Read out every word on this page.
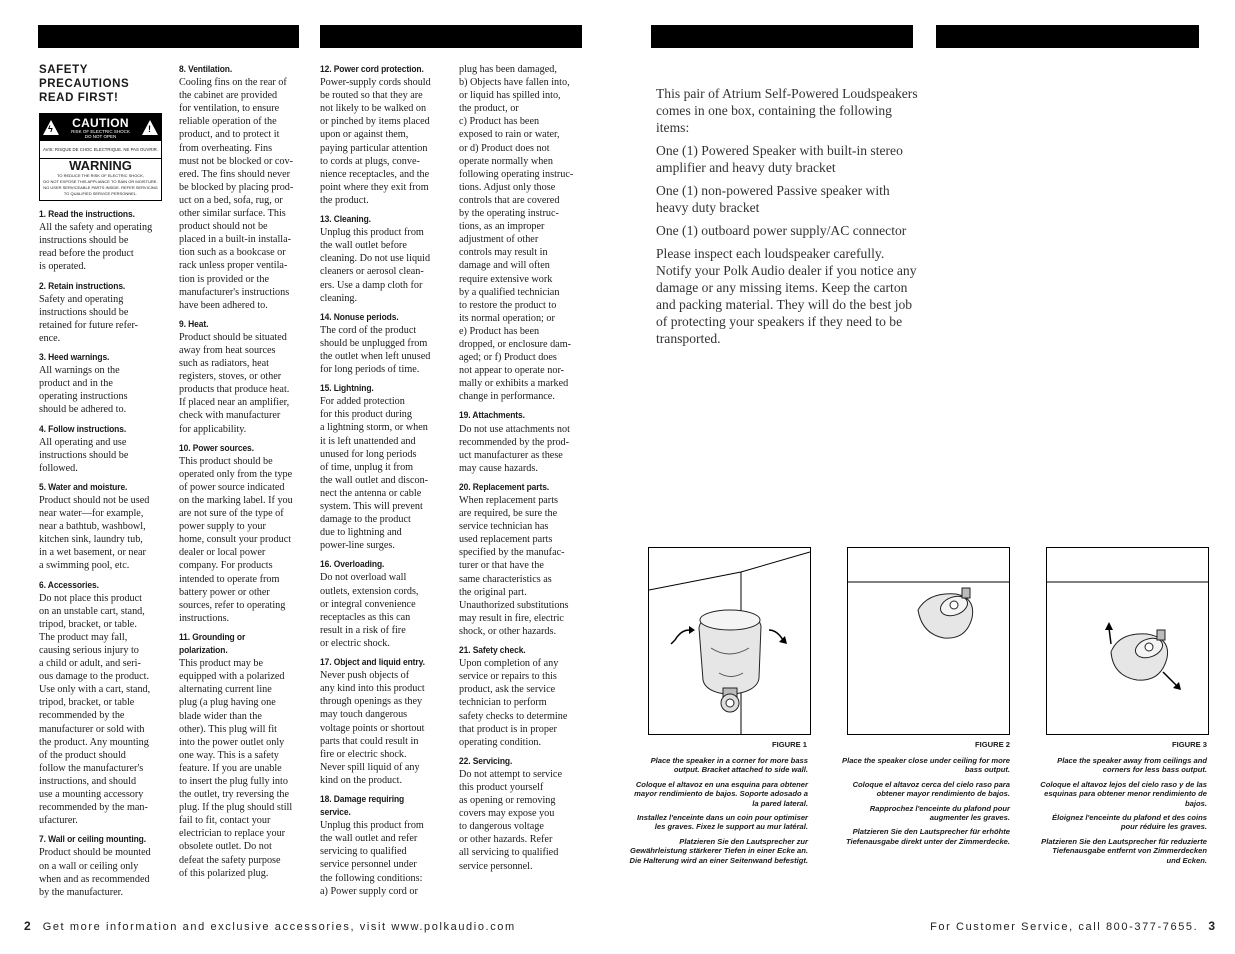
SAFETY
PRECAUTIONS
READ FIRST!
ϟ CAUTION
RISK OF ELECTRIC SHOCK
DO NOT OPEN
!
AVIS: RISQUE DE CHOC ELECTRIQUE. NE PAS OUVRIR.
WARNING
TO REDUCE THE RISK OF ELECTRIC SHOCK,
DO NOT EXPOSE THIS APPLIANCE TO RAIN OR MOISTURE.
NO USER SERVICEABLE PARTS INSIDE. REFER SERVICING
TO QUALIFIED SERVICE PERSONNEL.
1. Read the instructions.

All the safety and operating
instructions should be
read before the product
is operated.

2. Retain instructions.

Safety and operating
instructions should be
retained for future refer-
ence.

3. Heed warnings.

All warnings on the
product and in the
operating instructions
should be adhered to.

4. Follow instructions.

All operating and use
instructions should be
followed.

5. Water and moisture.

Product should not be used
near water—for example,
near a bathtub, washbowl,
kitchen sink, laundry tub,
in a wet basement, or near
a swimming pool, etc.

6. Accessories.

Do not place this product
on an unstable cart, stand,
tripod, bracket, or table.
The product may fall,
causing serious injury to
a child or adult, and seri-
ous damage to the product.
Use only with a cart, stand,
tripod, bracket, or table
recommended by the
manufacturer or sold with
the product. Any mounting
of the product should
follow the manufacturer's
instructions, and should
use a mounting accessory
recommended by the man-
ufacturer.

7. Wall or ceiling mounting.

Product should be mounted
on a wall or ceiling only
when and as recommended
by the manufacturer.

8. Ventilation.

Cooling fins on the rear of
the cabinet are provided
for ventilation, to ensure
reliable operation of the
product, and to protect it
from overheating. Fins
must not be blocked or cov-
ered. The fins should never
be blocked by placing prod-
uct on a bed, sofa, rug, or
other similar surface. This
product should not be
placed in a built-in installa-
tion such as a bookcase or
rack unless proper ventila-
tion is provided or the
manufacturer's instructions
have been adhered to.

9. Heat.

Product should be situated
away from heat sources
such as radiators, heat
registers, stoves, or other
products that produce heat.
If placed near an amplifier,
check with manufacturer
for applicability.

10. Power sources.

This product should be
operated only from the type
of power source indicated
on the marking label. If you
are not sure of the type of
power supply to your
home, consult your product
dealer or local power
company. For products
intended to operate from
battery power or other
sources, refer to operating
instructions.

11. Grounding or polarization.

This product may be
equipped with a polarized
alternating current line
plug (a plug having one
blade wider than the
other). This plug will fit
into the power outlet only
one way. This is a safety
feature. If you are unable
to insert the plug fully into
the outlet, try reversing the
plug. If the plug should still
fail to fit, contact your
electrician to replace your
obsolete outlet. Do not
defeat the safety purpose
of this polarized plug.

12. Power cord protection.

Power-supply cords should
be routed so that they are
not likely to be walked on
or pinched by items placed
upon or against them,
paying particular attention
to cords at plugs, conve-
nience receptacles, and the
point where they exit from
the product.

13. Cleaning.

Unplug this product from
the wall outlet before
cleaning. Do not use liquid
cleaners or aerosol clean-
ers. Use a damp cloth for
cleaning.

14. Nonuse periods.

The cord of the product
should be unplugged from
the outlet when left unused
for long periods of time.

15. Lightning.

For added protection
for this product during
a lightning storm, or when
it is left unattended and
unused for long periods
of time, unplug it from
the wall outlet and discon-
nect the antenna or cable
system. This will prevent
damage to the product
due to lightning and
power-line surges.

16. Overloading.

Do not overload wall
outlets, extension cords,
or integral convenience
receptacles as this can
result in a risk of fire
or electric shock.

17. Object and liquid entry.

Never push objects of
any kind into this product
through openings as they
may touch dangerous
voltage points or shortout
parts that could result in
fire or electric shock.
Never spill liquid of any
kind on the product.

18. Damage requiring service.

Unplug this product from
the wall outlet and refer
servicing to qualified
service personnel under
the following conditions:
a) Power supply cord or

plug has been damaged,
b) Objects have fallen into,
or liquid has spilled into,
the product, or
c) Product has been
exposed to rain or water,
or d) Product does not
operate normally when
following operating instruc-
tions. Adjust only those
controls that are covered
by the operating instruc-
tions, as an improper
adjustment of other
controls may result in
damage and will often
require extensive work
by a qualified technician
to restore the product to
its normal operation; or
e) Product has been
dropped, or enclosure dam-
aged; or f) Product does
not appear to operate nor-
mally or exhibits a marked
change in performance.

19. Attachments.

Do not use attachments not
recommended by the prod-
uct manufacturer as these
may cause hazards.

20. Replacement parts.

When replacement parts
are required, be sure the
service technician has
used replacement parts
specified by the manufac-
turer or that have the
same characteristics as
the original part.
Unauthorized substitutions
may result in fire, electric
shock, or other hazards.

21. Safety check.

Upon completion of any
service or repairs to this
product, ask the service
technician to perform
safety checks to determine
that product is in proper
operating condition.

22. Servicing.

Do not attempt to service
this product yourself
as opening or removing
covers may expose you
to dangerous voltage
or other hazards. Refer
all servicing to qualified
service personnel.

This pair of Atrium Self-Powered Loudspeakers comes in one box, containing the following items:

One (1) Powered Speaker with built-in stereo amplifier and heavy duty bracket

One (1) non-powered Passive speaker with heavy duty bracket

One (1) outboard power supply/AC connector

Please inspect each loudspeaker carefully. Notify your Polk Audio dealer if you notice any damage or any missing items. Keep the carton and packing material. They will do the best job of protecting your speakers if they need to be transported.

FIGURE 1

Place the speaker in a corner for more bass output. Bracket attached to side wall.

Coloque el altavoz en una esquina para obtener mayor rendimiento de bajos. Soporte adosado a la pared lateral.

Installez l'enceinte dans un coin pour optimiser les graves. Fixez le support au mur latéral.

Platzieren Sie den Lautsprecher zur Gewährleistung stärkerer Tiefen in einer Ecke an. Die Halterung wird an einer Seitenwand befestigt.

FIGURE 2

Place the speaker close under ceiling for more bass output.

Coloque el altavoz cerca del cielo raso para obtener mayor rendimiento de bajos.

Rapprochez l'enceinte du plafond pour augmenter les graves.

Platzieren Sie den Lautsprecher für erhöhte Tiefenausgabe direkt unter der Zimmerdecke.

FIGURE 3

Place the speaker away from ceilings and corners for less bass output.

Coloque el altavoz lejos del cielo raso y de las esquinas para obtener menor rendimiento de bajos.

Éloignez l'enceinte du plafond et des coins pour réduire les graves.

Platzieren Sie den Lautsprecher für reduzierte Tiefenausgabe entfernt von Zimmerdecken und Ecken.

2 Get more information and exclusive accessories, visit www.polkaudio.com	For Customer Service, call 800-377-7655. 3
